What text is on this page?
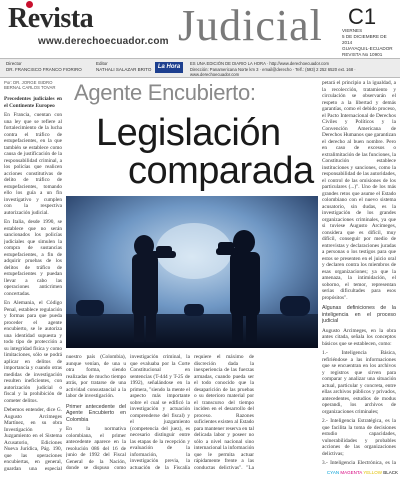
Revista
www.derechoecuador.com Judicial C1
VIERNES
5 DE DICIEMBRE DE 2014
GUAYAQUIL-ECUADOR
REVISTA No 10901
Director
DR. FRANCISCO FRANCO FIORIRO
Editor
NATHALI SALAZAR BRITO	La Hora
ES UNA EDICIÓN DE DIARIO LA HORA · http://www.derechoecuador.com
Dirección: Panamericana Norte km 3 · email@derecho · Telf.: (593) 2 252 6520 ext. 168 · www.derechoecuador.com
Por: DR. JORGE ISIDRO BERNAL CARLOS TOVAR

Precedentes judiciales en el Continente Europeo

En Francia, cuentan con una ley que se refiere al fortalecimiento de la lucha contra el tráfico de estupefacientes, en la que también se establece como causa de justificación de la responsabilidad criminal, a los policías que realicen acciones constitutivas de delito de tráfico de estupefacientes, tomando ello los guía a un fin investigativo y cumplen con la respectiva autorización judicial.

En Italia, desde 1990, se establece que no serán sancionados los policías judiciales que simulen la compra de sustancias estupefacientes, a fin de adquirir pruebas de los delitos de tráfico de estupefacientes y puedan llevar a cabo las operaciones anticrimen concertadas.

En Alemania, el Código Penal, establece regulación y formas para que pueda proceder el agente encubierto, se le autoriza una identidad supuesta y todo tipo de protección a su integridad física y como limitaciones, sólo se podrá aplicar en delitos de importancia y cuando otras medidas de investigación resulten ineficientes, con autorización judicial o fiscal y la prohibición de cometer delitos.

Debemos entender, dice G. Augusto Arcimeges Martínez, en su obra Investigación y Juzgamiento en el Sistema Acusatorio, Ediciones Nueva Jurídica, Pág. 190, que las operaciones encubiertas, en general, guardan una especial

Agente Encubierto:
Legislación
comparada

nuestro país (Colombia), aunque venían, de una u otra forma, siendo realizadas de mucho tiempo atrás, por tratarse de una actividad consustancial a la labor de investigación.

Primer antecedente del Agente Encubierto en Colombia

En la normativa colombiana, el primer antecedente aparece en la resolución 086 del 16 de junio de 1992 del Fiscal General de la Nación, donde se dispuso como

investigación criminal, la que evaluaba por la Corte Constitucional en sentencias (T-444 y T-25 de 1992), señalándose en la primera, "siendo la mente el aspecto más importante sobre el cual se edificó la investigación y actuación comprenderse del fiscal) y el juzgamiento (competencia del juez), es necesario distinguir entre las etapas de la recepción y evaluación de la información, la investigación previa, la actuación de la Fiscalía

requiere el máximo de discreción dada la inexperiencia de las fuerzas armadas, cuando pueda ser el todo conocido que la desaparición de las pruebas o su deterioro material por el transcurso del tiempo inciden en el desarrollo del proceso. Razones suficientes existen al Estado para mantener reserva en tal delicada labor y poseer no sólo a nivel nacional sino internacional la información que le permita actuar rápidamente frente a las conductas delictivas". "La

petará el principio a la igualdad, a la recolección, tratamiento y circulación se observarán el respeto a la libertad y demás garantías, como el debido proceso, el Pacto Internacional de Derechos Civiles y Políticos y la Convención Americana de Derechos Humanos que garantizan el derecho al buen nombre. Pero en caso de excesos o extralimitación de las funciones, la Constitución establece instituciones y sanciones, como la responsabilidad de las autoridades, el control de las omisiones de los particulares (...)". Uno de los más grandes retos que asume el Estado colombiano con el nuevo sistema acusatorio, sin dudas, es la investigación de los grandes organizaciones criminales, ya que si tuviese Augusto Arcimeges, considera que es difícil, muy difícil, conseguir por medio de entrevistas y declaraciones juradas a personas o los testigos para que estos se presenten en el juicio oral y declaren contra los miembros de esas organizaciones; ya que la amenaza, la intimidación, el soborno, el temor, representan serias dificultades para esos propósitos".

Algunas definiciones de la inteligencia en el proceso judicial

Augusto Arcimeges, en la obra antes citada, señala los conceptos básicos que se establecen, como:

1.- Inteligencia Básica, refiriéndose a las informaciones que se encuentran en los archivos y registros que sirven para comparar y analizar una situación actual, particular y concreta, entre ellas archivos públicos y privados, antecedentes, estudios de modus operandi, los archivos de organizaciones criminales;

2.- Inteligencia Estratégica, es la que facilita la toma de decisiones estudio capacidades, vulnerabilidades y probables acciones de las organizaciones delictivas;

3.- Inteligencia Electrónica, es la

CYAN MAGENTA YELLOW BLACK
